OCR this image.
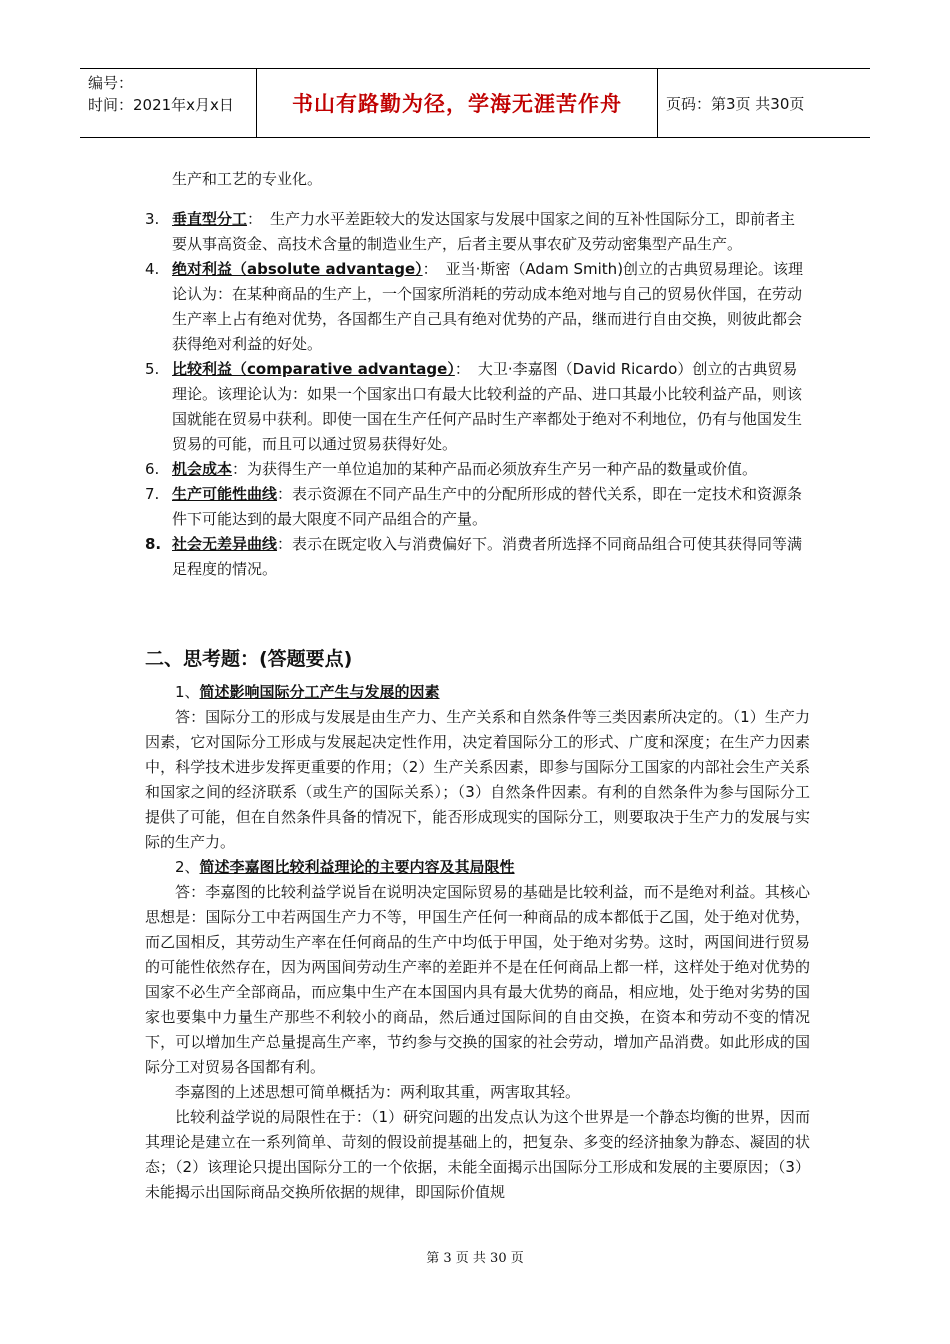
编号：
时间：2021年x月x日	书山有路勤为径，学海无涯苦作舟	页码：第3页 共30页

生产和工艺的专业化。

3. 垂直型分工： 生产力水平差距较大的发达国家与发展中国家之间的互补性国际分工，即前者主要从事高资金、高技术含量的制造业生产，后者主要从事农矿及劳动密集型产品生产。

4. 绝对利益（absolute advantage）： 亚当·斯密（Adam Smith)创立的古典贸易理论。该理论认为：在某种商品的生产上，一个国家所消耗的劳动成本绝对地与自己的贸易伙伴国，在劳动生产率上占有绝对优势，各国都生产自己具有绝对优势的产品，继而进行自由交换，则彼此都会获得绝对利益的好处。

5. 比较利益（comparative advantage）： 大卫·李嘉图（David Ricardo）创立的古典贸易理论。该理论认为：如果一个国家出口有最大比较利益的产品、进口其最小比较利益产品，则该国就能在贸易中获利。即使一国在生产任何产品时生产率都处于绝对不利地位，仍有与他国发生贸易的可能，而且可以通过贸易获得好处。

6. 机会成本：为获得生产一单位追加的某种产品而必须放弃生产另一种产品的数量或价值。

7. 生产可能性曲线：表示资源在不同产品生产中的分配所形成的替代关系，即在一定技术和资源条件下可能达到的最大限度不同产品组合的产量。

8. 社会无差异曲线：表示在既定收入与消费偏好下。消费者所选择不同商品组合可使其获得同等满足程度的情况。

二、思考题：(答题要点)

1、简述影响国际分工产生与发展的因素

答：国际分工的形成与发展是由生产力、生产关系和自然条件等三类因素所决定的。（1）生产力因素，它对国际分工形成与发展起决定性作用，决定着国际分工的形式、广度和深度；在生产力因素中，科学技术进步发挥更重要的作用；（2）生产关系因素，即参与国际分工国家的内部社会生产关系和国家之间的经济联系（或生产的国际关系）；（3）自然条件因素。有利的自然条件为参与国际分工提供了可能，但在自然条件具备的情况下，能否形成现实的国际分工，则要取决于生产力的发展与实际的生产力。

2、简述李嘉图比较利益理论的主要内容及其局限性

答：李嘉图的比较利益学说旨在说明决定国际贸易的基础是比较利益，而不是绝对利益。其核心思想是：国际分工中若两国生产力不等，甲国生产任何一种商品的成本都低于乙国，处于绝对优势，而乙国相反，其劳动生产率在任何商品的生产中均低于甲国，处于绝对劣势。这时，两国间进行贸易的可能性依然存在，因为两国间劳动生产率的差距并不是在任何商品上都一样，这样处于绝对优势的国家不必生产全部商品，而应集中生产在本国国内具有最大优势的商品，相应地，处于绝对劣势的国家也要集中力量生产那些不利较小的商品，然后通过国际间的自由交换，在资本和劳动不变的情况下，可以增加生产总量提高生产率，节约参与交换的国家的社会劳动，增加产品消费。如此形成的国际分工对贸易各国都有利。

李嘉图的上述思想可简单概括为：两利取其重，两害取其轻。

比较利益学说的局限性在于：（1）研究问题的出发点认为这个世界是一个静态均衡的世界，因而其理论是建立在一系列简单、苛刻的假设前提基础上的，把复杂、多变的经济抽象为静态、凝固的状态；（2）该理论只提出国际分工的一个依据，未能全面揭示出国际分工形成和发展的主要原因；（3）未能揭示出国际商品交换所依据的规律，即国际价值规

第 3 页 共 30 页
